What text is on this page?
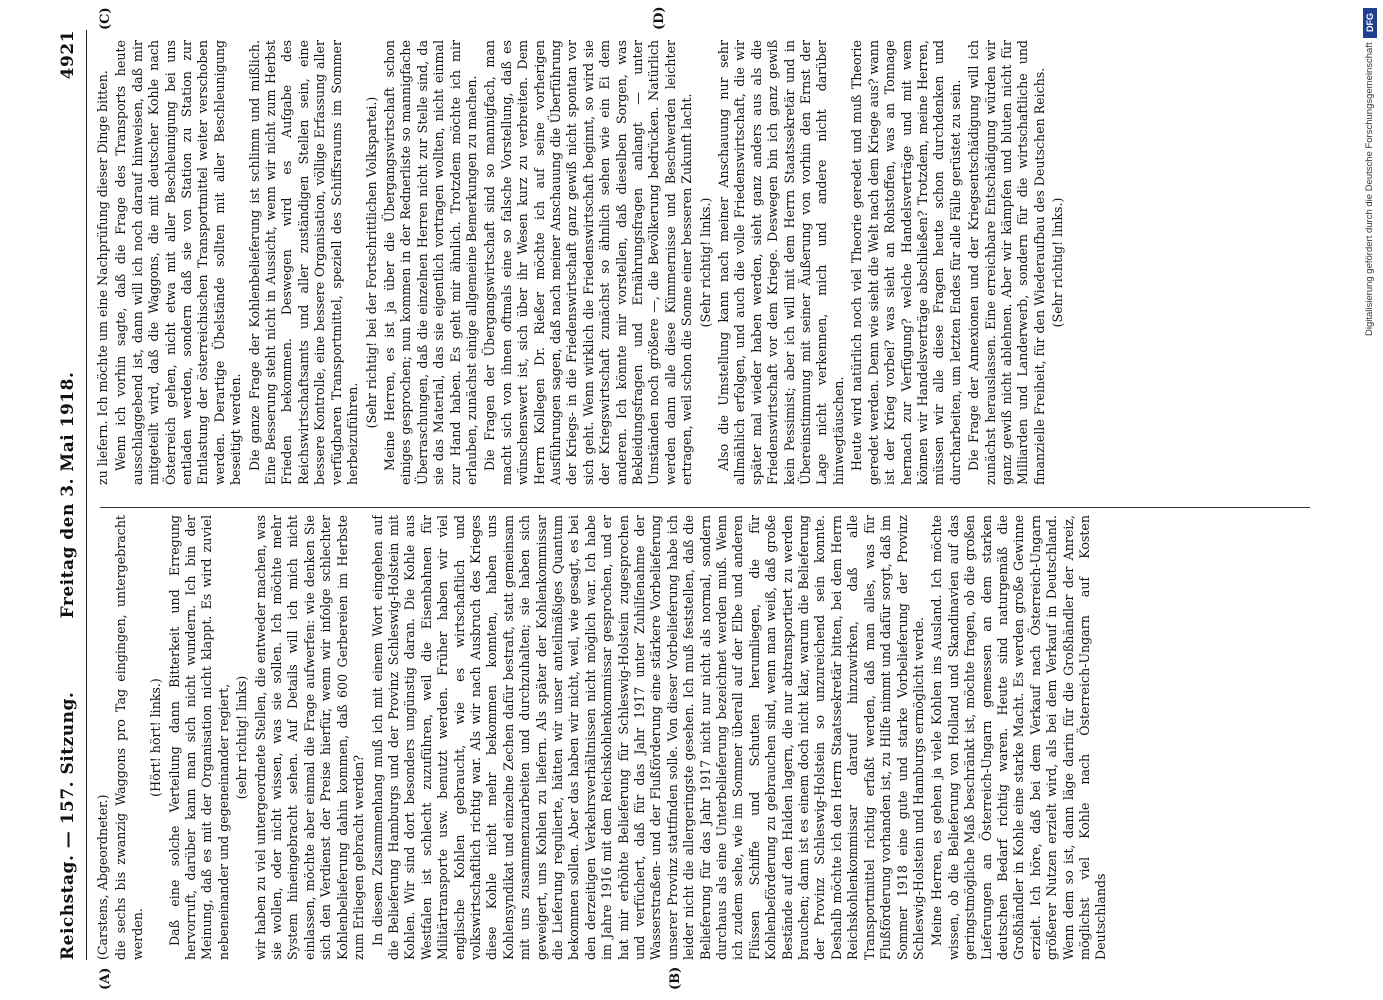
Reichstag. — 157. Sitzung.
Freitag den 3. Mai 1918.
4921
(A)	(B)
(C)	(D)

(Carstens, Abgeordneter.) die sechs bis zwanzig Waggons pro Tag eingingen, untergebracht werden.

(Hört! hört! links.) Daß eine solche Verteilung dann Bitterkeit und Erregung hervorruft, darüber kann man sich nicht wundern. Ich bin der Meinung, daß es mit der Organisation nicht klappt. Es wird zuviel nebeneinander und gegeneinander regiert, (sehr richtig! links) wir haben zu viel untergeordnete Stellen, die entweder machen, was sie wollen, oder nicht wissen, was sie sollen. Ich möchte mehr System hineingebracht sehen. Auf Details will ich mich nicht einlassen, möchte aber einmal die Frage aufwerfen: wie denken Sie sich den Verdienst der Preise hierfür, wenn wir infolge schlechter Kohlenbelieferung dahin kommen, daß 600 Gerbereien im Herbste zum Erliegen gebracht werden? In diesem Zusammenhang muß ich mit einem Wort eingehen auf die Belieferung Hamburgs und der Provinz Schleswig-Holstein mit Kohlen. Wir sind dort besonders ungünstig daran. Die Kohle aus Westfalen ist schlecht zuzuführen, weil die Eisenbahnen für Militärtransporte usw. benutzt werden. Früher haben wir viel englische Kohlen gebraucht, wie es wirtschaftlich und volkswirtschaftlich richtig war. Als wir nach Ausbruch des Krieges diese Kohle nicht mehr bekommen konnten, haben uns Kohlensyndikat und einzelne Zechen dafür bestraft, statt gemeinsam mit uns zusammenzuarbeiten und durchzuhalten; sie haben sich geweigert, uns Kohlen zu liefern. Als später der Kohlenkommissar die Lieferung regulierte, hätten wir unser anteilmäßiges Quantum bekommen sollen. Aber das haben wir nicht, weil, wie gesagt, es bei den derzeitigen Verkehrsverhältnissen nicht möglich war. Ich habe im Jahre 1916 mit dem Reichskohlenkommissar gesprochen, und er hat mir erhöhte Belieferung für Schleswig-Holstein zugesprochen und verfüchert, daß für das Jahr 1917 unter Zuhilfenahme der Wasserstraßen- und der Flußförderung eine stärkere Vorbelieferung unserer Provinz stattfinden solle. Von dieser Vorbelieferung habe ich leider nicht die allergeringste gesehen. Ich muß feststellen, daß die Belieferung für das Jahr 1917 nicht nur nicht als normal, sondern durchaus als eine Unterbelieferung bezeichnet werden muß. Wenn ich zudem sehe, wie im Sommer überall auf der Elbe und anderen Flüssen Schiffe und Schuten herumliegen, die für Kohlenbeförderung zu gebrauchen sind, wenn man weiß, daß große Bestände auf den Halden lagern, die nur abtransportiert zu werden brauchen; dann ist es einem doch nicht klar, warum die Belieferung der Provinz Schleswig-Holstein so unzureichend sein konnte. Deshalb möchte ich den Herrn Staatssekretär bitten, bei dem Herrn Reichskohlenkommissar darauf hinzuwirken, daß alle Transportmittel richtig erfaßt werden, daß man alles, was für Flußförderung vorhanden ist, zu Hilfe nimmt und dafür sorgt, daß im Sommer 1918 eine gute und starke Vorbelieferung der Provinz Schleswig-Holstein und Hamburgs ermöglicht werde. Meine Herren, es gehen ja viele Kohlen ins Ausland. Ich möchte wissen, ob die Belieferung von Holland und Skandinavien auf das geringstmögliche Maß beschränkt ist, möchte fragen, ob die großen Lieferungen an Österreich-Ungarn gemessen an dem starken deutschen Bedarf richtig waren. Heute sind naturgemäß die Großhändler in Kohle eine starke Macht. Es werden große Gewinne erzielt. Ich höre, daß bei dem Verkauf nach Österreich-Ungarn größerer Nutzen erzielt wird, als bei dem Verkauf in Deutschland. Wenn dem so ist, dann läge darin für die Großhändler der Anreiz, möglichst viel Kohle nach Österreich-Ungarn auf Kosten Deutschlands

zu liefern. Ich möchte um eine Nachprüfung dieser Dinge bitten. Wenn ich vorhin sagte, daß die Frage des Transports heute ausschlaggebend ist, dann will ich noch darauf hinweisen, daß mir mitgeteilt wird, daß die Waggons, die mit deutscher Kohle nach Österreich gehen, nicht etwa mit aller Beschleunigung bei uns entladen werden, sondern daß sie von Station zu Station zur Entlastung der österreichischen Transportmittel weiter verschoben werden. Derartige Übelstände sollten mit aller Beschleunigung beseitigt werden. Die ganze Frage der Kohlenbelieferung ist schlimm und mißlich. Eine Besserung steht nicht in Aussicht, wenn wir nicht zum Herbst Frieden bekommen. Deswegen wird es Aufgabe des Reichswirtschaftsamts und aller zuständigen Stellen sein, eine bessere Kontrolle, eine bessere Organisation, völlige Erfassung aller verfügbaren Transportmittel, speziell des Schiffsraums im Sommer herbeizuführen.

(Sehr richtig! bei der Fortschrittlichen Volkspartei.) Meine Herren, es ist ja über die Übergangswirtschaft schon einiges gesprochen; nun kommen in der Rednerliste so mannigfache Überraschungen, daß die einzelnen Herren nicht zur Stelle sind, da sie das Material, das sie eigentlich vortragen wollten, nicht einmal zur Hand haben. Es geht mir ähnlich. Trotzdem möchte ich mir erlauben, zunächst einige allgemeine Bemerkungen zu machen. Die Fragen der Übergangswirtschaft sind so mannigfach, man macht sich von ihnen oftmals eine so falsche Vorstellung, daß es wünschenswert ist, sich über ihr Wesen kurz zu verbreiten. Dem Herrn Kollegen Dr. Rießer möchte ich auf seine vorherigen Ausführungen sagen, daß nach meiner Anschauung die Überführung der Kriegs- in die Friedenswirtschaft ganz gewiß nicht spontan vor sich geht. Wenn wirklich die Friedenswirtschaft beginnt, so wird sie der Kriegswirtschaft zunächst so ähnlich sehen wie ein Ei dem anderen. Ich könnte mir vorstellen, daß dieselben Sorgen, was Bekleidungsfragen und Ernährungsfragen anlangt — unter Umständen noch größere —, die Bevölkerung bedrücken. Natürlich werden dann alle diese Kümmernisse und Beschwerden leichter ertragen, weil schon die Sonne einer besseren Zukunft lacht. (Sehr richtig! links.) Also die Umstellung kann nach meiner Anschauung nur sehr allmählich erfolgen, und auch die volle Friedenswirtschaft, die wir später mal wieder haben werden, sieht ganz anders aus als die Friedenswirtschaft vor dem Kriege. Deswegen bin ich ganz gewiß kein Pessimist; aber ich will mit dem Herrn Staatssekretär und in Übereinstimmung mit seiner Äußerung von vorhin den Ernst der Lage nicht verkennen, mich und andere nicht darüber hinwegtäuschen. Heute wird natürlich noch viel Theorie geredet und muß Theorie geredet werden. Denn wie sieht die Welt nach dem Kriege aus? wann ist der Krieg vorbei? was sieht an Rohstoffen, was an Tonnage hernach zur Verfügung? welche Handelsverträge und mit wem können wir Handelsverträge abschließen? Trotzdem, meine Herren, müssen wir alle diese Fragen heute schon durchdenken und durcharbeiten, um letzten Endes für alle Fälle gerüstet zu sein. Die Frage der Annexionen und der Kriegsentschädigung will ich zunächst herauslassen. Eine erreichbare Entschädigung würden wir ganz gewiß nicht ablehnen. Aber wir kämpfen und bluten nicht für Milliarden und Landerwerb, sondern für die wirtschaftliche und finanzielle Freiheit, für den Wiederaufbau des Deutschen Reichs. (Sehr richtig! links.)

DFG
Digitalisierung gefördert durch die Deutsche Forschungsgemeinschaft
